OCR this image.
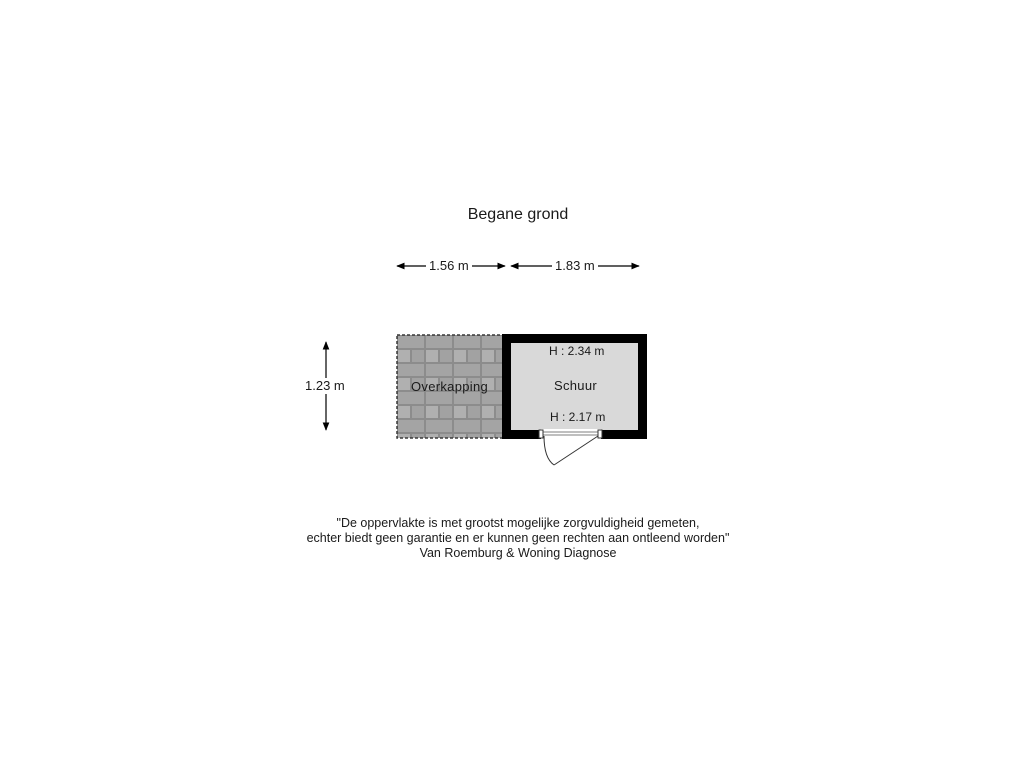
Begane grond
1.56 m	1.83 m
1.23 m	Overkapping	Schuur
H : 2.34 m
H : 2.17 m
"De oppervlakte is met grootst mogelijke zorgvuldigheid gemeten,
echter biedt geen garantie en er kunnen geen rechten aan ontleend worden"
Van Roemburg & Woning Diagnose
